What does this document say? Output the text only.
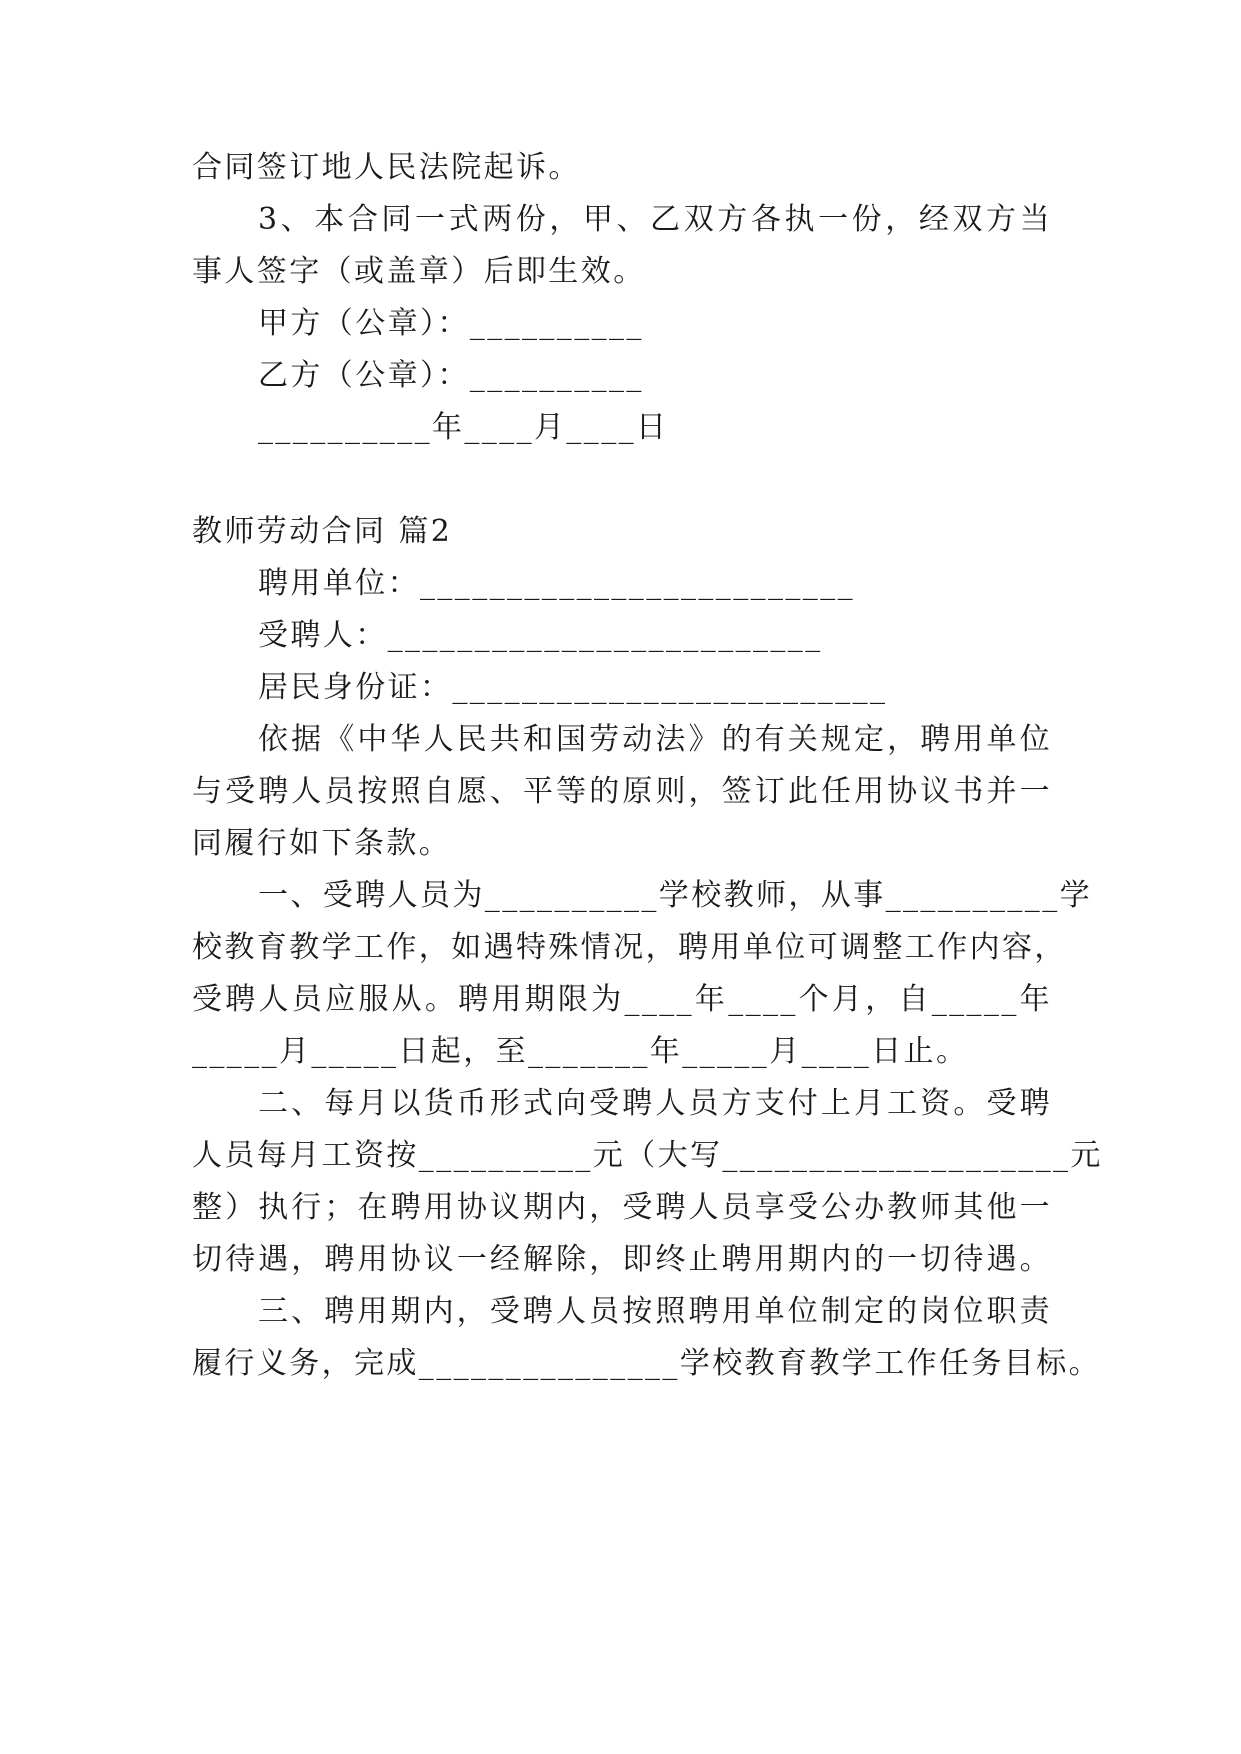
合同签订地人民法院起诉。
3、本合同一式两份，甲、乙双方各执一份，经双方当
事人签字（或盖章）后即生效。
甲方（公章）：__________
乙方（公章）：__________
__________年____月____日
教师劳动合同 篇2
聘用单位：_________________________
受聘人：_________________________
居民身份证：_________________________
依据《中华人民共和国劳动法》的有关规定，聘用单位
与受聘人员按照自愿、平等的原则，签订此任用协议书并一
同履行如下条款。
一、受聘人员为__________学校教师，从事__________学
校教育教学工作，如遇特殊情况，聘用单位可调整工作内容，
受聘人员应服从。聘用期限为____年____个月，自_____年
_____月_____日起，至_______年_____月____日止。
二、每月以货币形式向受聘人员方支付上月工资。受聘
人员每月工资按__________元（大写____________________元
整）执行；在聘用协议期内，受聘人员享受公办教师其他一
切待遇，聘用协议一经解除，即终止聘用期内的一切待遇。
三、聘用期内，受聘人员按照聘用单位制定的岗位职责
履行义务，完成_______________学校教育教学工作任务目标。
